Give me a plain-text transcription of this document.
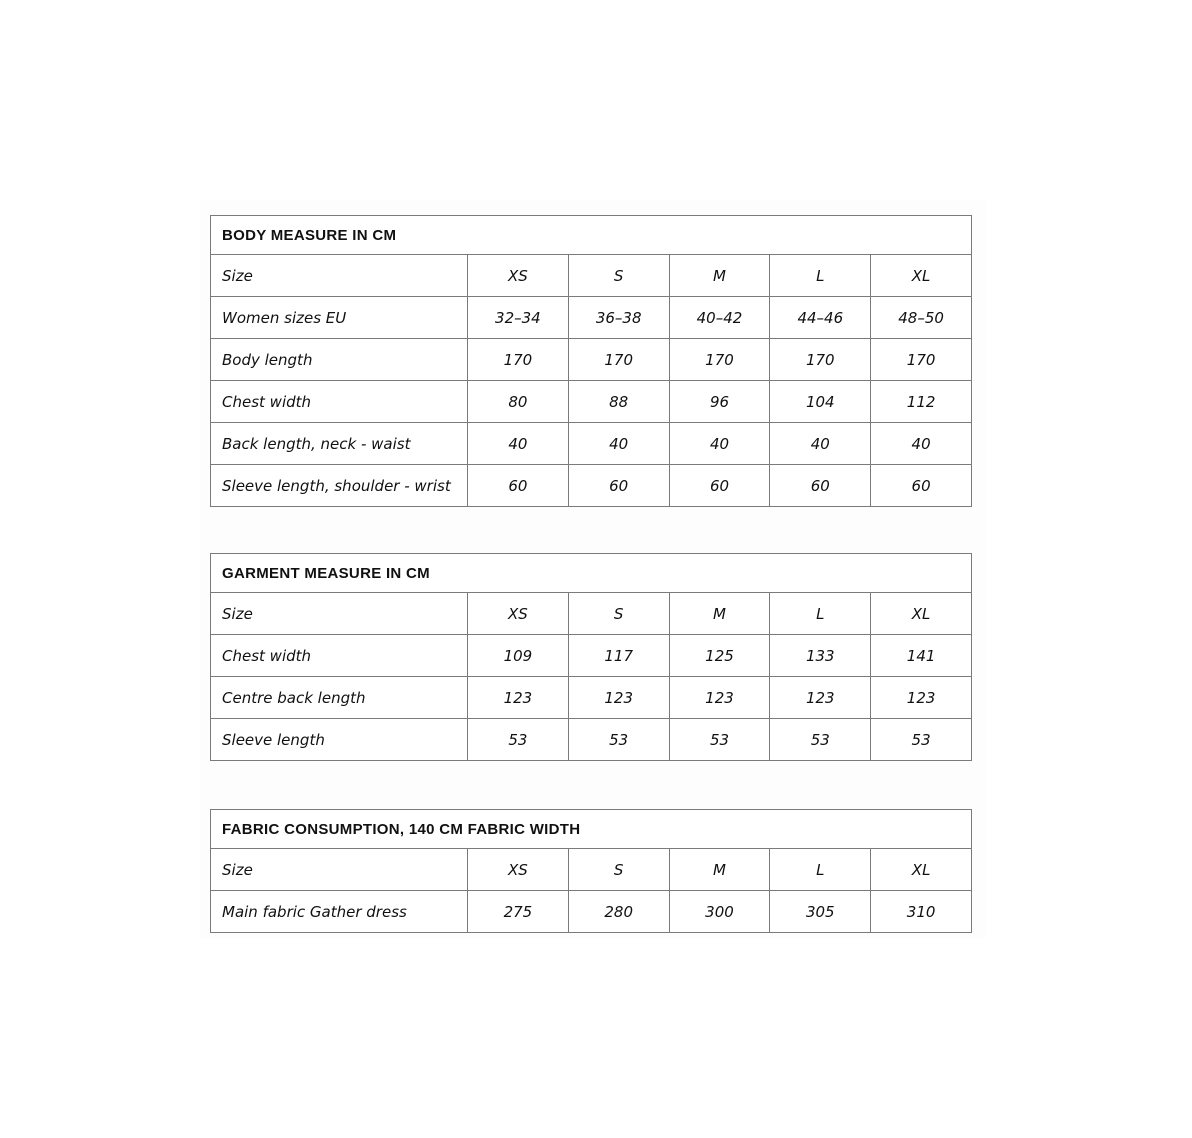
BODY MEASURE IN CM					
Size	XS	S	M	L	XL
Women sizes EU	32–34	36–38	40–42	44–46	48–50
Body length	170	170	170	170	170
Chest width	80	88	96	104	112
Back length, neck - waist	40	40	40	40	40
Sleeve length, shoulder - wrist	60	60	60	60	60
GARMENT MEASURE IN CM					
Size	XS	S	M	L	XL
Chest width	109	117	125	133	141
Centre back length	123	123	123	123	123
Sleeve length	53	53	53	53	53
FABRIC CONSUMPTION, 140 CM FABRIC WIDTH					
Size	XS	S	M	L	XL
Main fabric Gather dress	275	280	300	305	310
